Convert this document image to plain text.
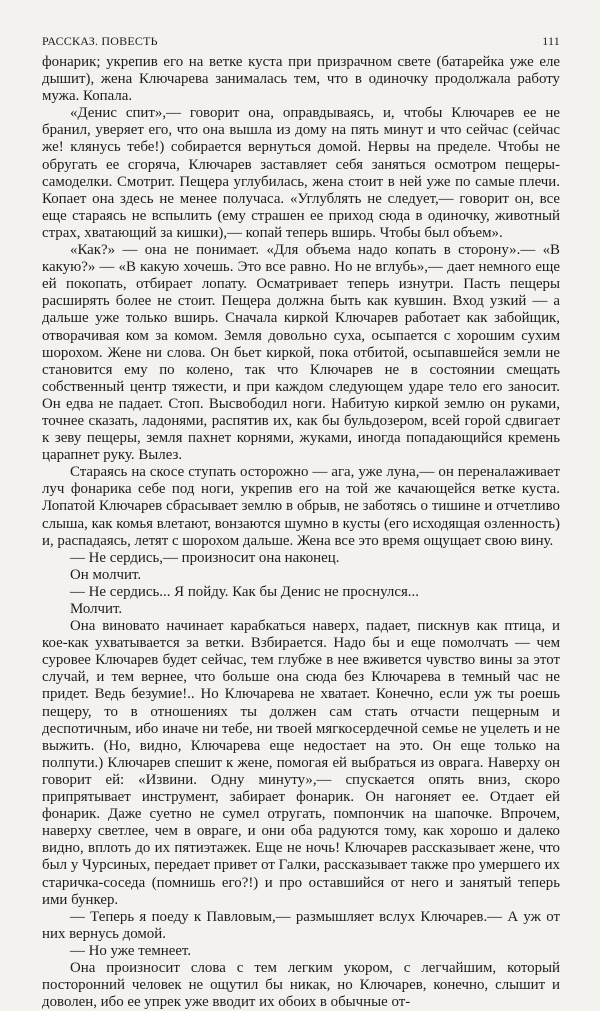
РАССКАЗ. ПОВЕСТЬ	111

фонарик; укрепив его на ветке куста при призрачном свете (батарейка уже еле дышит), жена Ключарева занималась тем, что в одиночку продолжала работу мужа. Копала.

«Денис спит»,— говорит она, оправдываясь, и, чтобы Ключарев ее не бранил, уверяет его, что она вышла из дому на пять минут и что сейчас (сейчас же! клянусь тебе!) собирается вернуться домой. Нервы на пределе. Чтобы не обругать ее сгоряча, Ключарев заставляет себя заняться осмотром пещеры-самоделки. Смотрит. Пещера углубилась, жена стоит в ней уже по самые плечи. Копает она здесь не менее получаса. «Углублять не следует,— говорит он, все еще стараясь не вспылить (ему страшен ее приход сюда в одиночку, животный страх, хватающий за кишки),— копай теперь вширь. Чтобы был объем».

«Как?» — она не понимает. «Для объема надо копать в сторону».— «В какую?» — «В какую хочешь. Это все равно. Но не вглубь»,— дает немного еще ей покопать, отбирает лопату. Осматривает теперь изнутри. Пасть пещеры расширять более не стоит. Пещера должна быть как кувшин. Вход узкий — а дальше уже только вширь. Сначала киркой Ключарев работает как забойщик, отворачивая ком за комом. Земля довольно суха, осыпается с хорошим сухим шорохом. Жене ни слова. Он бьет киркой, пока отбитой, осыпавшейся земли не становится ему по колено, так что Ключарев не в состоянии смещать собственный центр тяжести, и при каждом следующем ударе тело его заносит. Он едва не падает. Стоп. Высвободил ноги. Набитую киркой землю он руками, точнее сказать, ладонями, распятив их, как бы бульдозером, всей горой сдвигает к зеву пещеры, земля пахнет корнями, жуками, иногда попадающийся кремень царапнет руку. Вылез.

Стараясь на скосе ступать осторожно — ага, уже луна,— он переналаживает луч фонарика себе под ноги, укрепив его на той же качающейся ветке куста. Лопатой Ключарев сбрасывает землю в обрыв, не заботясь о тишине и отчетливо слыша, как комья влетают, вонзаются шумно в кусты (его исходящая озленность) и, распадаясь, летят с шорохом дальше. Жена все это время ощущает свою вину.

— Не сердись,— произносит она наконец.

Он молчит.

— Не сердись... Я пойду. Как бы Денис не проснулся...

Молчит.

Она виновато начинает карабкаться наверх, падает, пискнув как птица, и кое-как ухватывается за ветки. Взбирается. Надо бы и еще помолчать — чем суровее Ключарев будет сейчас, тем глубже в нее вживется чувство вины за этот случай, и тем вернее, что больше она сюда без Ключарева в темный час не придет. Ведь безумие!.. Но Ключарева не хватает. Конечно, если уж ты роешь пещеру, то в отношениях ты должен сам стать отчасти пещерным и деспотичным, ибо иначе ни тебе, ни твоей мягкосердечной семье не уцелеть и не выжить. (Но, видно, Ключарева еще недостает на это. Он еще только на полпути.) Ключарев спешит к жене, помогая ей выбраться из оврага. Наверху он говорит ей: «Извини. Одну минуту»,— спускается опять вниз, скоро припрятывает инструмент, забирает фонарик. Он нагоняет ее. Отдает ей фонарик. Даже суетно не сумел отругать, помпончик на шапочке. Впрочем, наверху светлее, чем в овраге, и они оба радуются тому, как хорошо и далеко видно, вплоть до их пятиэтажек. Еще не ночь! Ключарев рассказывает жене, что был у Чурсиных, передает привет от Галки, рассказывает также про умершего их старичка-соседа (помнишь его?!) и про оставшийся от него и занятый теперь ими бункер.

— Теперь я поеду к Павловым,— размышляет вслух Ключарев.— А уж от них вернусь домой.

— Но уже темнеет.

Она произносит слова с тем легким укором, с легчайшим, который посторонний человек не ощутил бы никак, но Ключарев, конечно, слышит и доволен, ибо ее упрек уже вводит их обоих в обычные от-
